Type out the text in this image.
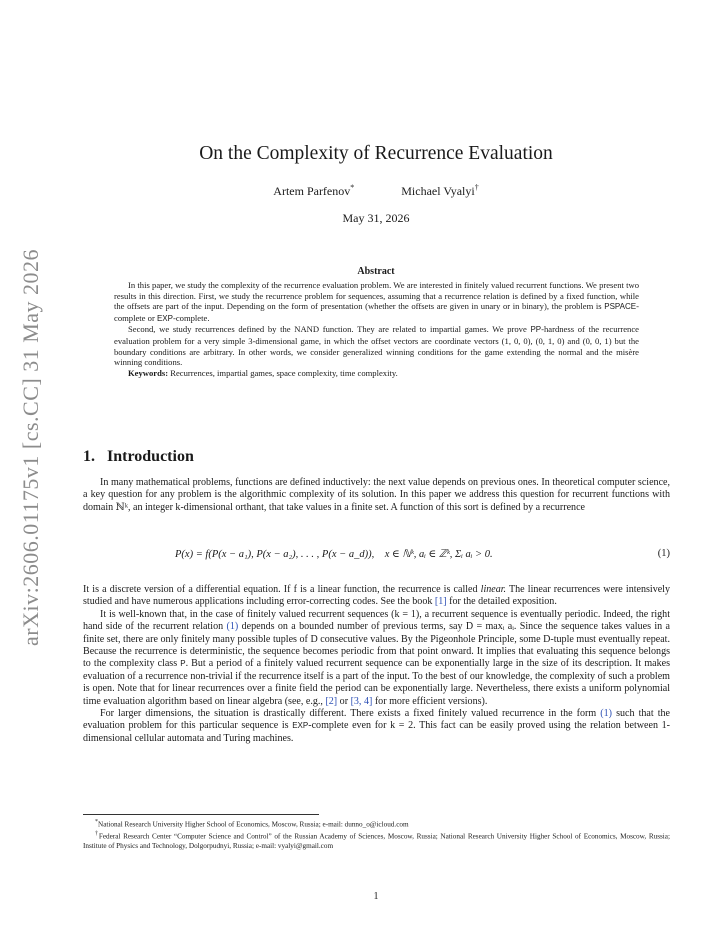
arXiv:2606.01175v1 [cs.CC] 31 May 2026
On the Complexity of Recurrence Evaluation
Artem Parfenov*	Michael Vyalyi†
May 31, 2026
Abstract

In this paper, we study the complexity of the recurrence evaluation problem. We are interested in finitely valued recurrent functions. We present two results in this direction. First, we study the recurrence problem for sequences, assuming that a recurrence relation is defined by a fixed function, while the offsets are part of the input. Depending on the form of presentation (whether the offsets are given in unary or in binary), the problem is PSPACE-complete or EXP-complete.

Second, we study recurrences defined by the NAND function. They are related to impartial games. We prove PP-hardness of the recurrence evaluation problem for a very simple 3-dimensional game, in which the offset vectors are coordinate vectors (1, 0, 0), (0, 1, 0) and (0, 0, 1) but the boundary conditions are arbitrary. In other words, we consider generalized winning conditions for the game extending the normal and the misère winning conditions.

Keywords: Recurrences, impartial games, space complexity, time complexity.

1. Introduction

In many mathematical problems, functions are defined inductively: the next value depends on previous ones. In theoretical computer science, a key question for any problem is the algorithmic complexity of its solution. In this paper we address this question for recurrent functions with domain ℕᵏ, an integer k-dimensional orthant, that take values in a finite set. A function of this sort is defined by a recurrence

P(x) = f(P(x − a₁), P(x − a₂), . . . , P(x − a_d)), x ∈ ℕᵏ, aᵢ ∈ ℤᵏ, Σᵢ aᵢ > 0.	(1)

It is a discrete version of a differential equation. If f is a linear function, the recurrence is called linear. The linear recurrences were intensively studied and have numerous applications including error-correcting codes. See the book [1] for the detailed exposition.

It is well-known that, in the case of finitely valued recurrent sequences (k = 1), a recurrent sequence is eventually periodic. Indeed, the right hand side of the recurrent relation (1) depends on a bounded number of previous terms, say D = maxᵢ aᵢ. Since the sequence takes values in a finite set, there are only finitely many possible tuples of D consecutive values. By the Pigeonhole Principle, some D-tuple must eventually repeat. Because the recurrence is deterministic, the sequence becomes periodic from that point onward. It implies that evaluating this sequence belongs to the complexity class P. But a period of a finitely valued recurrent sequence can be exponentially large in the size of its description. It makes evaluation of a recurrence non-trivial if the recurrence itself is a part of the input. To the best of our knowledge, the complexity of such a problem is open. Note that for linear recurrences over a finite field the period can be exponentially large. Nevertheless, there exists a uniform polynomial time evaluation algorithm based on linear algebra (see, e.g., [2] or [3, 4] for more efficient versions).

For larger dimensions, the situation is drastically different. There exists a fixed finitely valued recurrence in the form (1) such that the evaluation problem for this particular sequence is EXP-complete even for k = 2. This fact can be easily proved using the relation between 1-dimensional cellular automata and Turing machines.

*National Research University Higher School of Economics, Moscow, Russia; e-mail: dunno_o@icloud.com

†Federal Research Center “Computer Science and Control” of the Russian Academy of Sciences, Moscow, Russia; National Research University Higher School of Economics, Moscow, Russia; Institute of Physics and Technology, Dolgorpudnyi, Russia; e-mail: vyalyi@gmail.com

1
